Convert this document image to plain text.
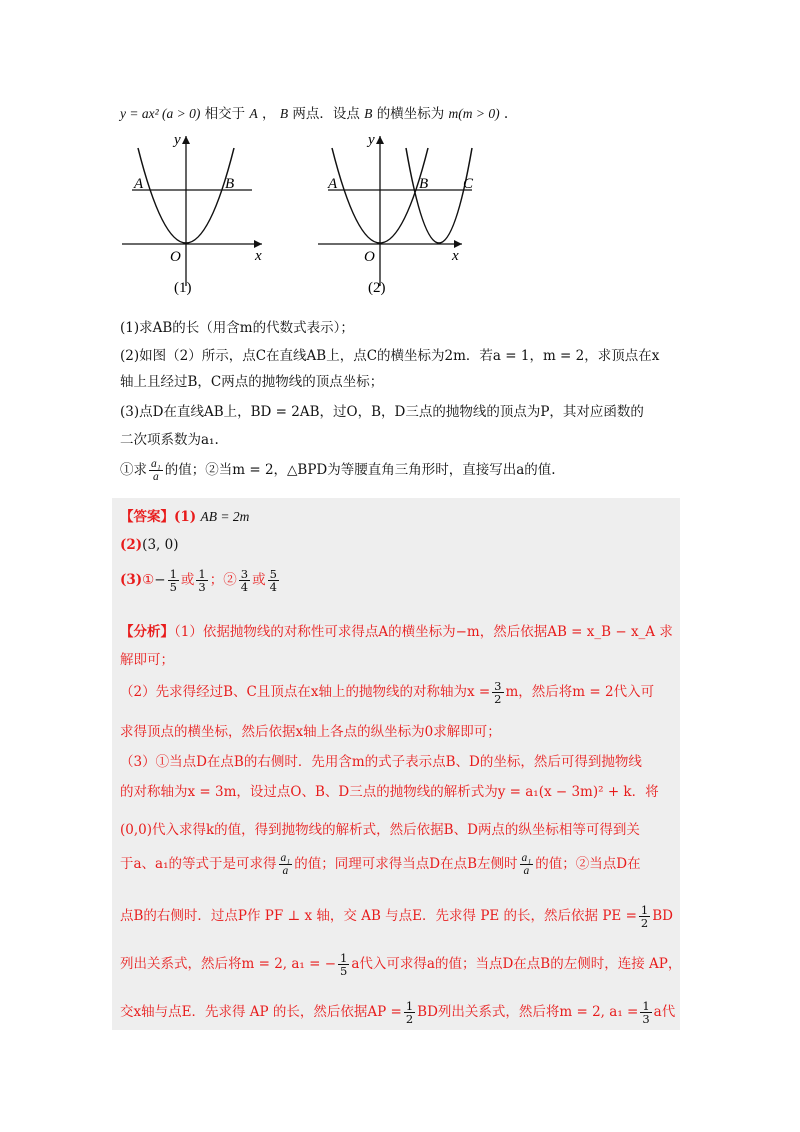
y = ax² (a > 0) 相交于 A ， B 两点．设点 B 的横坐标为 m(m > 0) .
y
x
O
A	B
(1)
y
x
O
A	B C
(2)
(1)求AB的长（用含m的代数式表示）；
(2)如图（2）所示，点C在直线AB上，点C的横坐标为2m．若a = 1，m = 2，求顶点在x
轴上且经过B，C两点的抛物线的顶点坐标；
(3)点D在直线AB上，BD = 2AB，过O，B，D三点的抛物线的顶点为P，其对应函数的
二次项系数为a₁.
①求 $\frac{\text{a₁}}{a}$ 的值；②当m = 2，△BPD为等腰直角三角形时，直接写出a的值.
【答案】(1) AB = 2m
(2)(3, 0)
(3)①− $\frac{1}{5}$ 或 $\frac{1}{3}$ ；② $\frac{3}{4}$ 或 $\frac{5}{4}$
【分析】（1）依据抛物线的对称性可求得点A的横坐标为−m，然后依据AB = x_B − x_A 求
解即可；
（2）先求得经过B、C且顶点在x轴上的抛物线的对称轴为$x = \frac{3}{2}$ m，然后将m = 2代入可
求得顶点的横坐标，然后依据x轴上各点的纵坐标为0求解即可；
（3）①当点D在点B的右侧时．先用含m的式子表示点B、D的坐标，然后可得到抛物线
的对称轴为x = 3m，设过点O、B、D三点的抛物线的解析式为y = a₁(x − 3m)² + k．将
(0,0)代入求得k的值，得到抛物线的解析式，然后依据B、D两点的纵坐标相等可得到关
于a、a₁的等式于是可求得 $\frac{\text{a₁}}{a}$ 的值；同理可求得当点D在点B左侧时 $\frac{\text{a₁}}{a}$ 的值；②当点D在
点B的右侧时．过点P作 PF ⊥ x 轴，交 AB 与点E．先求得 PE 的长，然后依据 PE = $\frac{1}{2}$ BD
列出关系式，然后将m = 2, a₁ = − $\frac{1}{5}$ a代入可求得a的值；当点D在点B的左侧时，连接 AP，
交x轴与点E．先求得 AP 的长，然后依据AP = $\frac{1}{2}$ BD列出关系式，然后将m = 2, $a_1 = \frac{1}{3}$ a代
